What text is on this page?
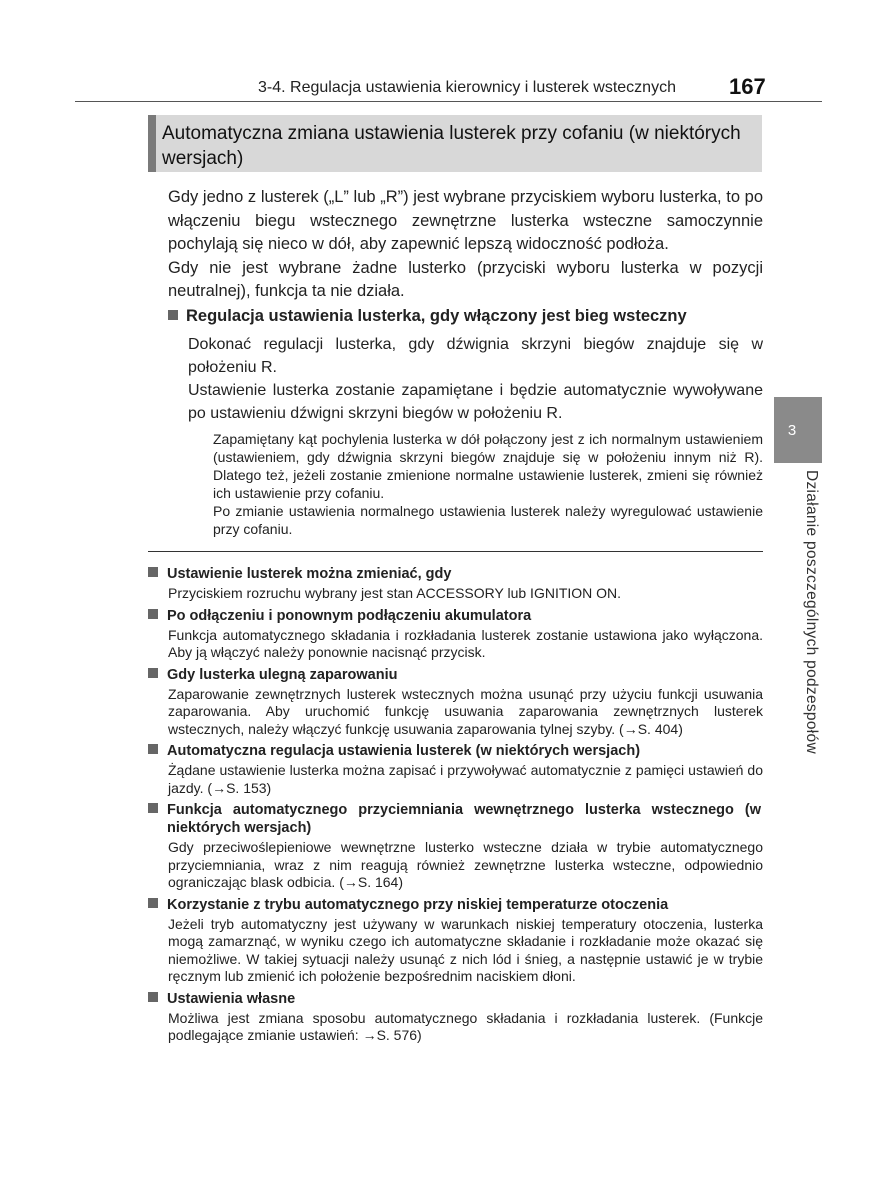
3-4. Regulacja ustawienia kierownicy i lusterek wstecznych 167
Automatyczna zmiana ustawienia lusterek przy cofaniu (w niektórych wersjach)

Gdy jedno z lusterek („L” lub „R”) jest wybrane przyciskiem wyboru lusterka, to po włączeniu biegu wstecznego zewnętrzne lusterka wsteczne samoczynnie pochylają się nieco w dół, aby zapewnić lepszą widoczność podłoża.

Gdy nie jest wybrane żadne lusterko (przyciski wyboru lusterka w pozycji neutralnej), funkcja ta nie działa.

Regulacja ustawienia lusterka, gdy włączony jest bieg wsteczny

Dokonać regulacji lusterka, gdy dźwignia skrzyni biegów znajduje się w położeniu R.

Ustawienie lusterka zostanie zapamiętane i będzie automatycznie wywoływane po ustawieniu dźwigni skrzyni biegów w położeniu R.

Zapamiętany kąt pochylenia lusterka w dół połączony jest z ich normalnym ustawieniem (ustawieniem, gdy dźwignia skrzyni biegów znajduje się w położeniu innym niż R). Dlatego też, jeżeli zostanie zmienione normalne ustawienie lusterek, zmieni się również ich ustawienie przy cofaniu.

Po zmianie ustawienia normalnego ustawienia lusterek należy wyregulować ustawienie przy cofaniu.

Ustawienie lusterek można zmieniać, gdy
Przyciskiem rozruchu wybrany jest stan ACCESSORY lub IGNITION ON.
Po odłączeniu i ponownym podłączeniu akumulatora
Funkcja automatycznego składania i rozkładania lusterek zostanie ustawiona jako wyłączona. Aby ją włączyć należy ponownie nacisnąć przycisk.
Gdy lusterka ulegną zaparowaniu
Zaparowanie zewnętrznych lusterek wstecznych można usunąć przy użyciu funkcji usuwania zaparowania. Aby uruchomić funkcję usuwania zaparowania zewnętrznych lusterek wstecznych, należy włączyć funkcję usuwania zaparowania tylnej szyby. (→S. 404)
Automatyczna regulacja ustawienia lusterek (w niektórych wersjach)
Żądane ustawienie lusterka można zapisać i przywoływać automatycznie z pamięci ustawień do jazdy. (→S. 153)
Funkcja automatycznego przyciemniania wewnętrznego lusterka wstecznego (w niektórych wersjach)
Gdy przeciwoślepieniowe wewnętrzne lusterko wsteczne działa w trybie automatycznego przyciemniania, wraz z nim reagują również zewnętrzne lusterka wsteczne, odpowiednio ograniczając blask odbicia. (→S. 164)
Korzystanie z trybu automatycznego przy niskiej temperaturze otoczenia
Jeżeli tryb automatyczny jest używany w warunkach niskiej temperatury otoczenia, lusterka mogą zamarznąć, w wyniku czego ich automatyczne składanie i rozkładanie może okazać się niemożliwe. W takiej sytuacji należy usunąć z nich lód i śnieg, a następnie ustawić je w trybie ręcznym lub zmienić ich położenie bezpośrednim naciskiem dłoni.
Ustawienia własne
Możliwa jest zmiana sposobu automatycznego składania i rozkładania lusterek. (Funkcje podlegające zmianie ustawień: →S. 576)
3
Działanie poszczególnych podzespołów
